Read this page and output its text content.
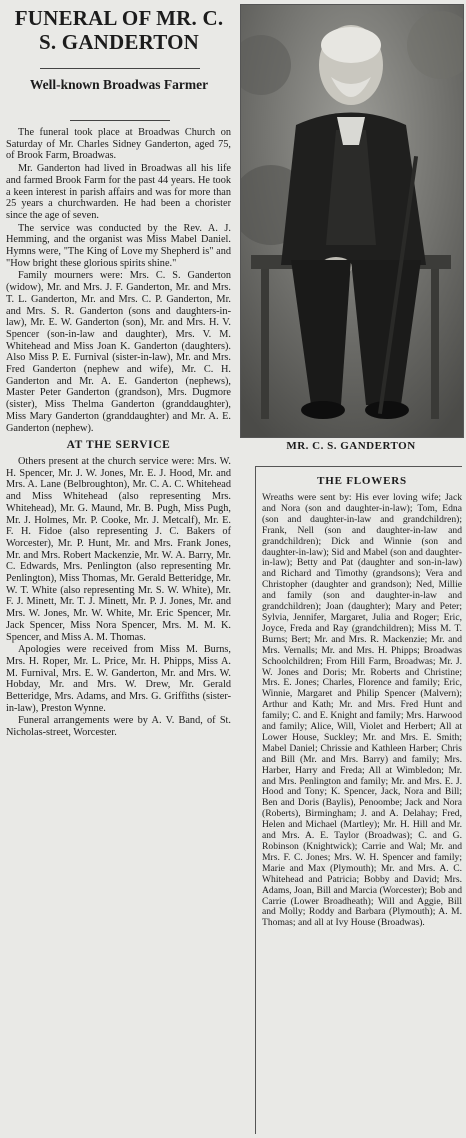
FUNERAL OF MR. C. S. GANDERTON
Well-known Broadwas Farmer

The funeral took place at Broadwas Church on Saturday of Mr. Charles Sidney Ganderton, aged 75, of Brook Farm, Broadwas.

Mr. Ganderton had lived in Broadwas all his life and farmed Brook Farm for the past 44 years. He took a keen interest in parish affairs and was for more than 25 years a churchwarden. He had been a chorister since the age of seven.

The service was conducted by the Rev. A. J. Hemming, and the organist was Miss Mabel Daniel. Hymns were, "The King of Love my Shepherd is" and "How bright these glorious spirits shine."

Family mourners were: Mrs. C. S. Ganderton (widow), Mr. and Mrs. J. F. Ganderton, Mr. and Mrs. T. L. Ganderton, Mr. and Mrs. C. P. Ganderton, Mr. and Mrs. S. R. Ganderton (sons and daughters-in-law), Mr. E. W. Ganderton (son), Mr. and Mrs. H. V. Spencer (son-in-law and daughter), Mrs. V. M. Whitehead and Miss Joan K. Ganderton (daughters). Also Miss P. E. Furnival (sister-in-law), Mr. and Mrs. Fred Ganderton (nephew and wife), Mr. C. H. Ganderton and Mr. A. E. Ganderton (nephews), Master Peter Ganderton (grandson), Mrs. Dugmore (sister), Miss Thelma Ganderton (granddaughter), Miss Mary Ganderton (granddaughter) and Mr. A. E. Ganderton (nephew).

AT THE SERVICE

Others present at the church service were: Mrs. W. H. Spencer, Mr. J. W. Jones, Mr. E. J. Hood, Mr. and Mrs. A. Lane (Belbroughton), Mr. C. A. C. Whitehead and Miss Whitehead (also representing Mrs. Whitehead), Mr. G. Maund, Mr. B. Pugh, Miss Pugh, Mr. J. Holmes, Mr. P. Cooke, Mr. J. Metcalf), Mr. E. F. H. Fidoe (also representing J. C. Bakers of Worcester), Mr. P. Hunt, Mr. and Mrs. Frank Jones, Mr. and Mrs. Robert Mackenzie, Mr. W. A. Barry, Mr. C. Edwards, Mrs. Penlington (also representing Mr. Penlington), Miss Thomas, Mr. Gerald Betteridge, Mr. W. T. White (also representing Mr. S. W. White), Mr. F. J. Minett, Mr. T. J. Minett, Mr. P. J. Jones, Mr. and Mrs. W. Jones, Mr. W. White, Mr. Eric Spencer, Mr. Jack Spencer, Miss Nora Spencer, Mrs. M. M. K. Spencer, and Miss A. M. Thomas.

Apologies were received from Miss M. Burns, Mrs. H. Roper, Mr. L. Price, Mr. H. Phipps, Miss A. M. Furnival, Mrs. E. W. Ganderton, Mr. and Mrs. W. Hobday, Mr. and Mrs. W. Drew, Mr. Gerald Betteridge, Mrs. Adams, and Mrs. G. Griffiths (sister-in-law), Preston Wynne.

Funeral arrangements were by A. V. Band, of St. Nicholas-street, Worcester.

MR. C. S. GANDERTON
THE FLOWERS
Wreaths were sent by: His ever loving wife; Jack and Nora (son and daughter-in-law); Tom, Edna (son and daughter-in-law and grandchildren); Frank, Nell (son and daughter-in-law and grandchildren); Dick and Winnie (son and daughter-in-law); Sid and Mabel (son and daughter-in-law); Betty and Pat (daughter and son-in-law) and Richard and Timothy (grandsons); Vera and Christopher (daughter and grandson); Ned, Millie and family (son and daughter-in-law and grandchildren); Joan (daughter); Mary and Peter; Sylvia, Jennifer, Margaret, Julia and Roger; Eric, Joyce, Freda and Ray (grandchildren); Miss M. T. Burns; Bert; Mr. and Mrs. R. Mackenzie; Mr. and Mrs. Vernalls; Mr. and Mrs. H. Phipps; Broadwas Schoolchildren; From Hill Farm, Broadwas; Mr. J. W. Jones and Doris; Mr. Roberts and Christine; Mrs. E. Jones; Charles, Florence and family; Eric, Winnie, Margaret and Philip Spencer (Malvern); Arthur and Kath; Mr. and Mrs. Fred Hunt and family; C. and E. Knight and family; Mrs. Harwood and family; Alice, Will, Violet and Herbert; All at Lower House, Suckley; Mr. and Mrs. E. Smith; Mabel Daniel; Chrissie and Kathleen Harber; Chris and Bill (Mr. and Mrs. Barry) and family; Mrs. Harber, Harry and Freda; All at Wimbledon; Mr. and Mrs. Penlington and family; Mr. and Mrs. E. J. Hood and Tony; K. Spencer, Jack, Nora and Bill; Ben and Doris (Baylis), Penoombe; Jack and Nora (Roberts), Birmingham; J. and A. Delahay; Fred, Helen and Michael (Martley); Mr. H. Hill and Mr. and Mrs. A. E. Taylor (Broadwas); C. and G. Robinson (Knightwick); Carrie and Wal; Mr. and Mrs. F. C. Jones; Mrs. W. H. Spencer and family; Marie and Max (Plymouth); Mr. and Mrs. A. C. Whitehead and Patricia; Bobby and David; Mrs. Adams, Joan, Bill and Marcia (Worcester); Bob and Carrie (Lower Broadheath); Will and Aggie, Bill and Molly; Roddy and Barbara (Plymouth); A. M. Thomas; and all at Ivy House (Broadwas).
